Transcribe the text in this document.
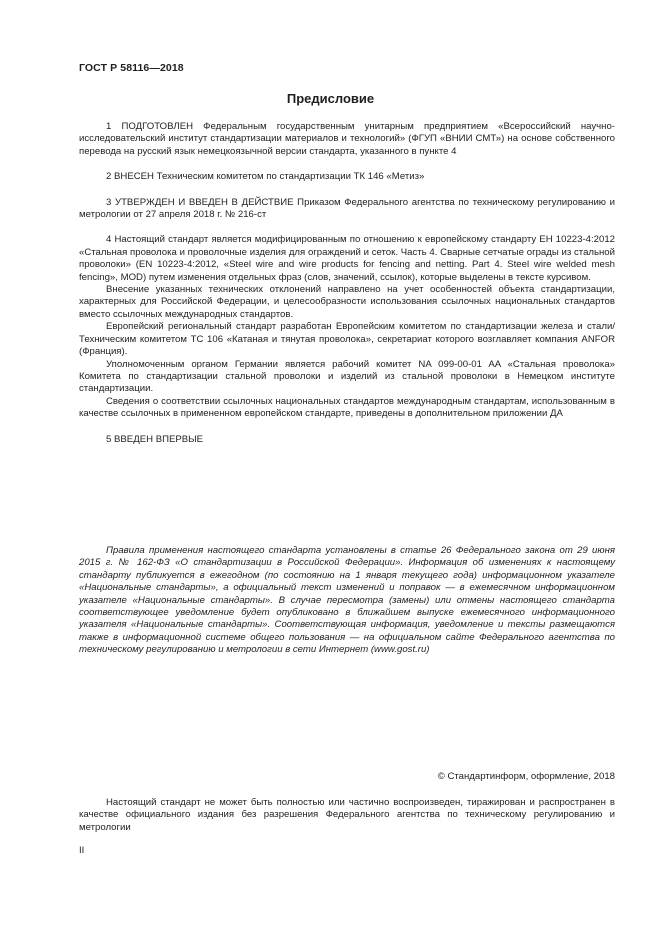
ГОСТ Р 58116—2018
Предисловие

1 ПОДГОТОВЛЕН Федеральным государственным унитарным предприятием «Всероссийский научно-исследовательский институт стандартизации материалов и технологий» (ФГУП «ВНИИ СМТ») на основе собственного перевода на русский язык немецкоязычной версии стандарта, указанного в пункте 4

2 ВНЕСЕН Техническим комитетом по стандартизации ТК 146 «Метиз»

3 УТВЕРЖДЕН И ВВЕДЕН В ДЕЙСТВИЕ Приказом Федерального агентства по техническому регулированию и метрологии от 27 апреля 2018 г. № 216-ст

4 Настоящий стандарт является модифицированным по отношению к европейскому стандарту ЕН 10223-4:2012 «Стальная проволока и проволочные изделия для ограждений и сеток. Часть 4. Сварные сетчатые ограды из стальной проволоки» (EN 10223-4:2012, «Steel wire and wire products for fencing and netting. Part 4. Steel wire welded mesh fencing», MOD) путем изменения отдельных фраз (слов, значений, ссылок), которые выделены в тексте курсивом.

Внесение указанных технических отклонений направлено на учет особенностей объекта стандартизации, характерных для Российской Федерации, и целесообразности использования ссылочных национальных стандартов вместо ссылочных международных стандартов.

Европейский региональный стандарт разработан Европейским комитетом по стандартизации железа и стали/Техническим комитетом ТС 106 «Катаная и тянутая проволока», секретариат которого возглавляет компания ANFOR (Франция).

Уполномоченным органом Германии является рабочий комитет NA 099-00-01 AA «Стальная проволока» Комитета по стандартизации стальной проволоки и изделий из стальной проволоки в Немецком институте стандартизации.

Сведения о соответствии ссылочных национальных стандартов международным стандартам, использованным в качестве ссылочных в примененном европейском стандарте, приведены в дополнительном приложении ДА

5 ВВЕДЕН ВПЕРВЫЕ

Правила применения настоящего стандарта установлены в статье 26 Федерального закона от 29 июня 2015 г. № 162-ФЗ «О стандартизации в Российской Федерации». Информация об изменениях к настоящему стандарту публикуется в ежегодном (по состоянию на 1 января текущего года) информационном указателе «Национальные стандарты», а официальный текст изменений и поправок — в ежемесячном информационном указателе «Национальные стандарты». В случае пересмотра (замены) или отмены настоящего стандарта соответствующее уведомление будет опубликовано в ближайшем выпуске ежемесячного информационного указателя «Национальные стандарты». Соответствующая информация, уведомление и тексты размещаются также в информационной системе общего пользования — на официальном сайте Федерального агентства по техническому регулированию и метрологии в сети Интернет (www.gost.ru)

© Стандартинформ, оформление, 2018

Настоящий стандарт не может быть полностью или частично воспроизведен, тиражирован и распространен в качестве официального издания без разрешения Федерального агентства по техническому регулированию и метрологии

II
